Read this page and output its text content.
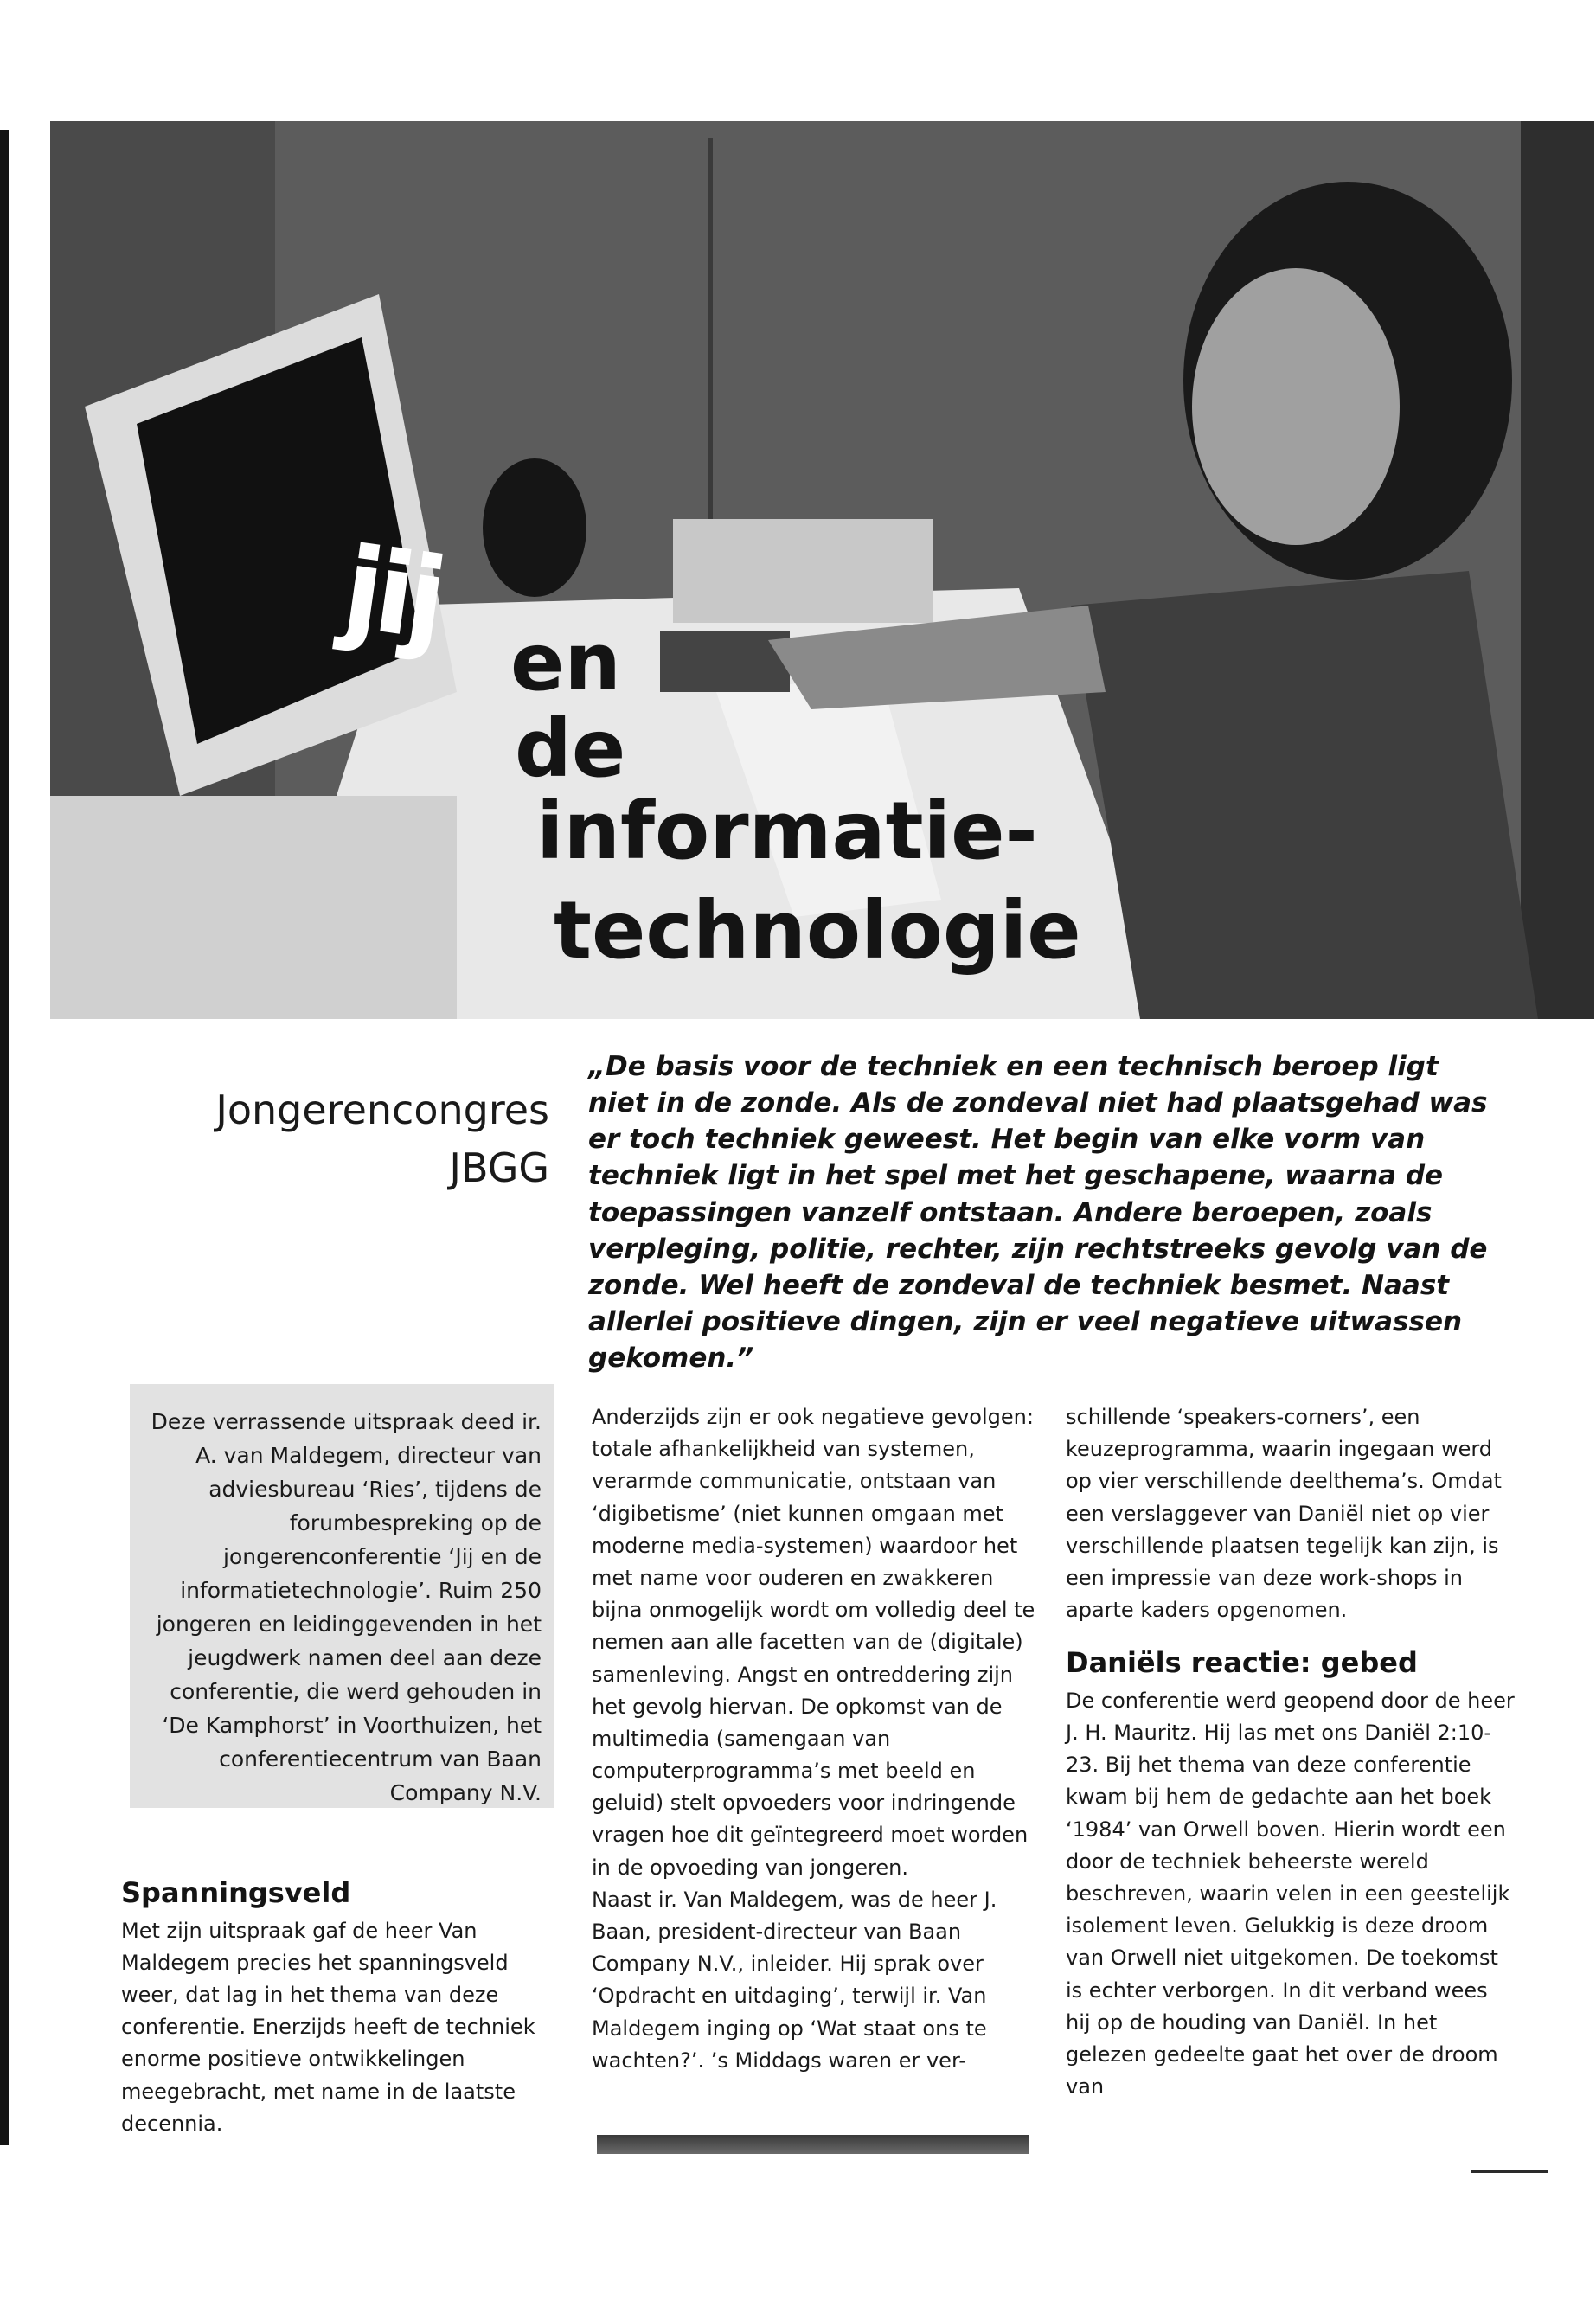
jij en
de
informatie-
technologie
Jongerencongres
JBGG

„De basis voor de techniek en een technisch beroep ligt niet in de zonde. Als de zondeval niet had plaatsgehad was er toch techniek geweest. Het begin van elke vorm van techniek ligt in het spel met het geschapene, waarna de toepassingen vanzelf ontstaan. Andere beroepen, zoals verpleging, politie, rechter, zijn rechtstreeks gevolg van de zonde. Wel heeft de zondeval de techniek besmet. Naast allerlei positieve dingen, zijn er veel negatieve uitwassen gekomen.”

Deze verrassende uitspraak deed ir. A. van Maldegem, directeur van adviesbureau ‘Ries’, tijdens de forumbespreking op de jongerenconferentie ‘Jij en de informatietechnologie’. Ruim 250 jongeren en leidinggevenden in het jeugdwerk namen deel aan deze conferentie, die werd gehouden in ‘De Kamphorst’ in Voorthuizen, het conferentiecentrum van Baan Company N.V.

Spanningsveld

Met zijn uitspraak gaf de heer Van Maldegem precies het spanningsveld weer, dat lag in het thema van deze conferentie. Enerzijds heeft de techniek enorme positieve ontwikkelingen meegebracht, met name in de laatste decennia.

Anderzijds zijn er ook negatieve gevolgen: totale afhankelijkheid van systemen, verarmde communicatie, ontstaan van ‘digibetisme’ (niet kunnen omgaan met moderne media-systemen) waardoor het met name voor ouderen en zwakkeren bijna onmogelijk wordt om volledig deel te nemen aan alle facetten van de (digitale) samenleving. Angst en ontreddering zijn het gevolg hiervan. De opkomst van de multimedia (samengaan van computerprogramma’s met beeld en geluid) stelt opvoeders voor indringende vragen hoe dit geïntegreerd moet worden in de opvoeding van jongeren.

Naast ir. Van Maldegem, was de heer J. Baan, president-directeur van Baan Company N.V., inleider. Hij sprak over ‘Opdracht en uitdaging’, terwijl ir. Van Maldegem inging op ‘Wat staat ons te wachten?’. ’s Middags waren er ver-

schillende ‘speakers-corners’, een keuzeprogramma, waarin ingegaan werd op vier verschillende deelthema’s. Omdat een verslaggever van Daniël niet op vier verschillende plaatsen tegelijk kan zijn, is een impressie van deze work-shops in aparte kaders opgenomen.

Daniëls reactie: gebed

De conferentie werd geopend door de heer J. H. Mauritz. Hij las met ons Daniël 2:10-23. Bij het thema van deze conferentie kwam bij hem de gedachte aan het boek ‘1984’ van Orwell boven. Hierin wordt een door de techniek beheerste wereld beschreven, waarin velen in een geestelijk isolement leven. Gelukkig is deze droom van Orwell niet uitgekomen. De toekomst is echter verborgen. In dit verband wees hij op de houding van Daniël. In het gelezen gedeelte gaat het over de droom van
